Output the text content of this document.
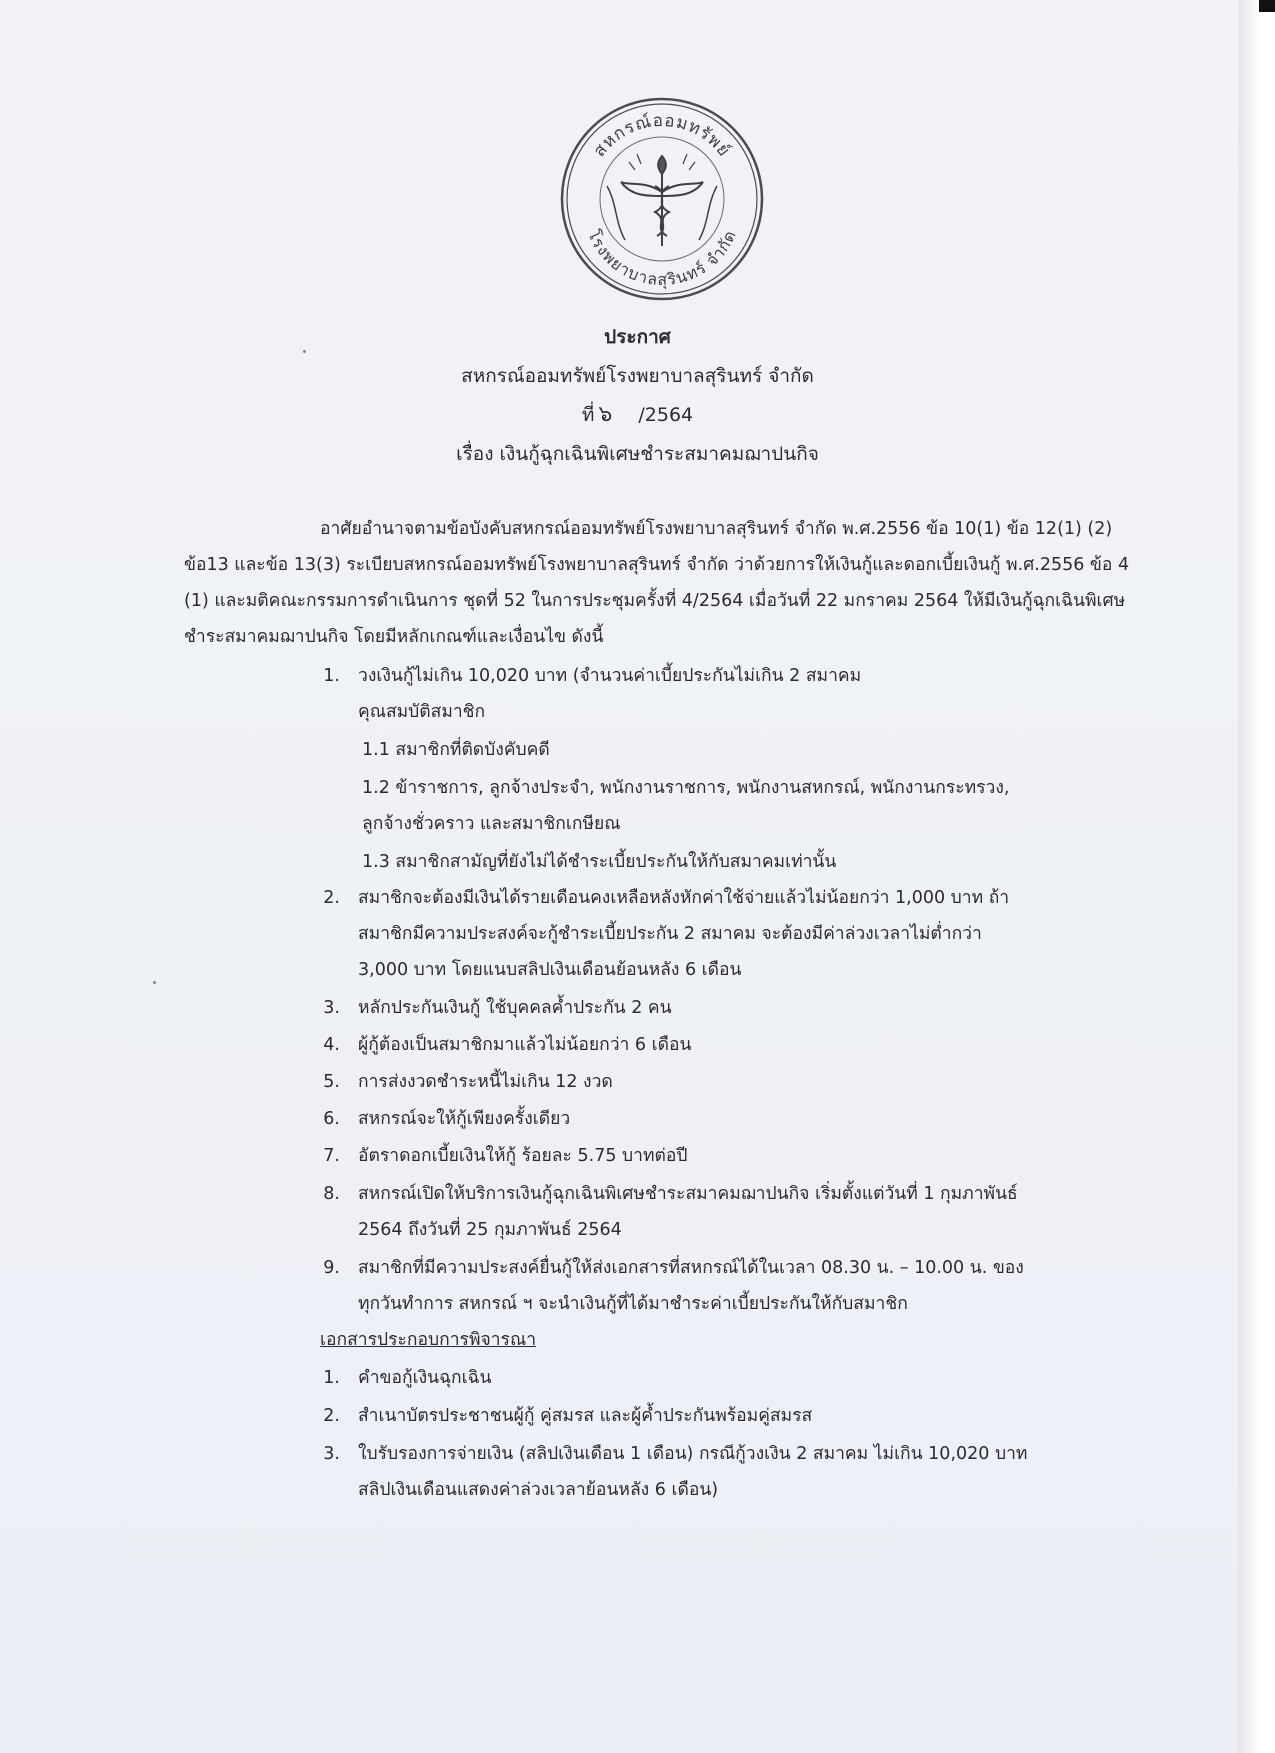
สหกรณ์ออมทรัพย์
โรงพยาบาลสุรินทร์ จำกัด
ประกาศ
สหกรณ์ออมทรัพย์โรงพยาบาลสุรินทร์ จำกัด
ที่ ๖ /2564
เรื่อง เงินกู้ฉุกเฉินพิเศษชำระสมาคมฌาปนกิจ
อาศัยอำนาจตามข้อบังคับสหกรณ์ออมทรัพย์โรงพยาบาลสุรินทร์ จำกัด พ.ศ.2556 ข้อ 10(1) ข้อ 12(1) (2) ข้อ13 และข้อ 13(3) ระเบียบสหกรณ์ออมทรัพย์โรงพยาบาลสุรินทร์ จำกัด ว่าด้วยการให้เงินกู้และดอกเบี้ยเงินกู้ พ.ศ.2556 ข้อ 4 (1) และมติคณะกรรมการดำเนินการ ชุดที่ 52 ในการประชุมครั้งที่ 4/2564 เมื่อวันที่ 22 มกราคม 2564 ให้มีเงินกู้ฉุกเฉินพิเศษชำระสมาคมฌาปนกิจ โดยมีหลักเกณฑ์และเงื่อนไข ดังนี้
1. วงเงินกู้ไม่เกิน 10,020 บาท (จำนวนค่าเบี้ยประกันไม่เกิน 2 สมาคม
คุณสมบัติสมาชิก
1.1 สมาชิกที่ติดบังคับคดี
1.2 ข้าราชการ, ลูกจ้างประจำ, พนักงานราชการ, พนักงานสหกรณ์, พนักงานกระทรวง,
ลูกจ้างชั่วคราว และสมาชิกเกษียณ
1.3 สมาชิกสามัญที่ยังไม่ได้ชำระเบี้ยประกันให้กับสมาคมเท่านั้น
2. สมาชิกจะต้องมีเงินได้รายเดือนคงเหลือหลังหักค่าใช้จ่ายแล้วไม่น้อยกว่า 1,000 บาท ถ้า
สมาชิกมีความประสงค์จะกู้ชำระเบี้ยประกัน 2 สมาคม จะต้องมีค่าล่วงเวลาไม่ต่ำกว่า
3,000 บาท โดยแนบสลิปเงินเดือนย้อนหลัง 6 เดือน
3. หลักประกันเงินกู้ ใช้บุคคลค้ำประกัน 2 คน
4. ผู้กู้ต้องเป็นสมาชิกมาแล้วไม่น้อยกว่า 6 เดือน
5. การส่งงวดชำระหนี้ไม่เกิน 12 งวด
6. สหกรณ์จะให้กู้เพียงครั้งเดียว
7. อัตราดอกเบี้ยเงินให้กู้ ร้อยละ 5.75 บาทต่อปี
8. สหกรณ์เปิดให้บริการเงินกู้ฉุกเฉินพิเศษชำระสมาคมฌาปนกิจ เริ่มตั้งแต่วันที่ 1 กุมภาพันธ์
2564 ถึงวันที่ 25 กุมภาพันธ์ 2564
9. สมาชิกที่มีความประสงค์ยื่นกู้ให้ส่งเอกสารที่สหกรณ์ได้ในเวลา 08.30 น. – 10.00 น. ของ
ทุกวันทำการ สหกรณ์ ฯ จะนำเงินกู้ที่ได้มาชำระค่าเบี้ยประกันให้กับสมาชิก
เอกสารประกอบการพิจารณา
1. คำขอกู้เงินฉุกเฉิน
2. สำเนาบัตรประชาชนผู้กู้ คู่สมรส และผู้ค้ำประกันพร้อมคู่สมรส
3. ใบรับรองการจ่ายเงิน (สลิปเงินเดือน 1 เดือน) กรณีกู้วงเงิน 2 สมาคม ไม่เกิน 10,020 บาท
สลิปเงินเดือนแสดงค่าล่วงเวลาย้อนหลัง 6 เดือน)
